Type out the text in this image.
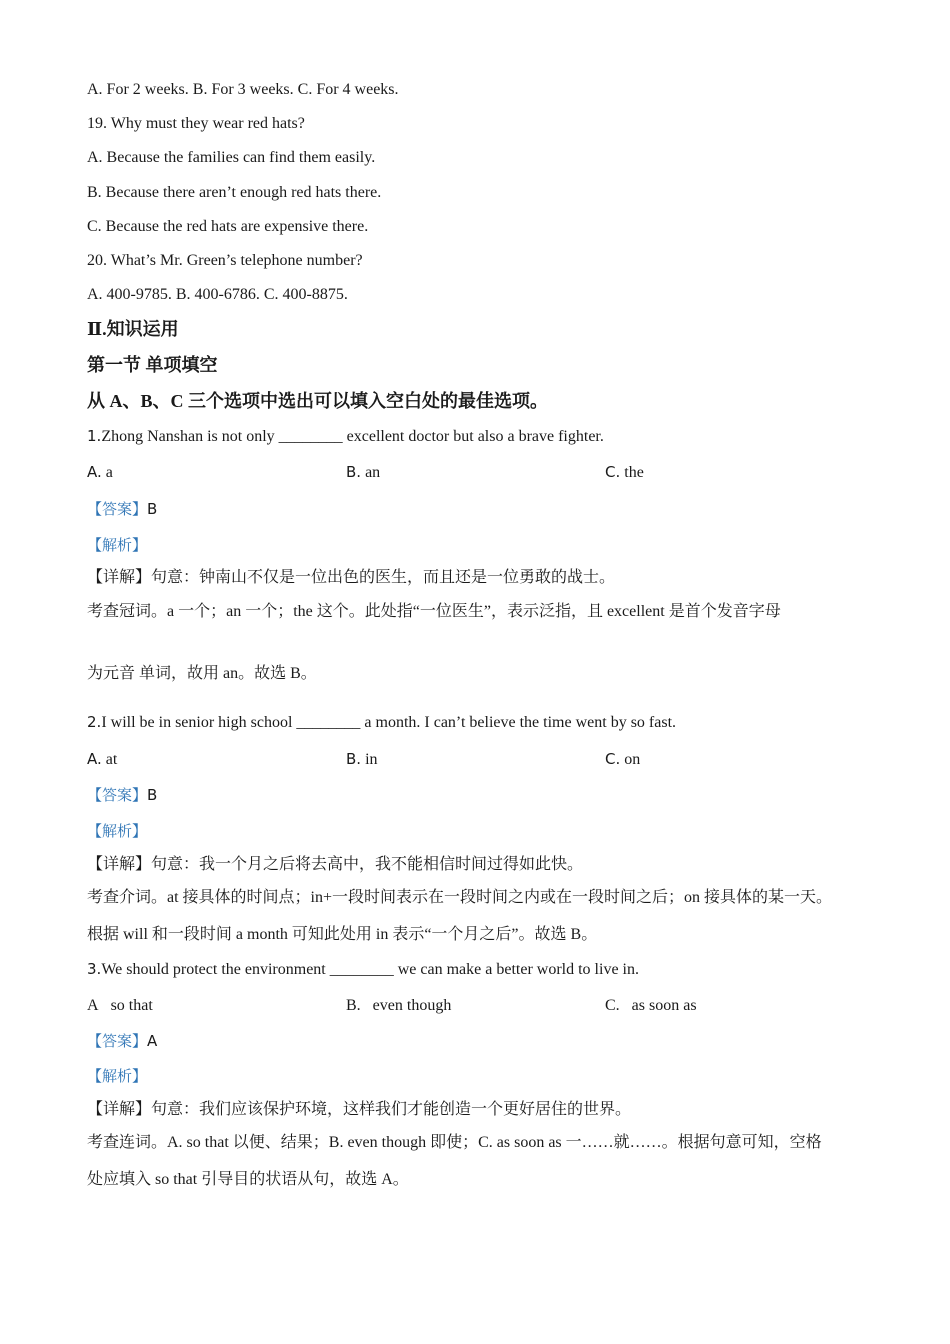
A. For 2 weeks. B. For 3 weeks. C. For 4 weeks.
19. Why must they wear red hats?
A. Because the families can find them easily.
B. Because there aren’t enough red hats there.
C. Because the red hats are expensive there.
20. What’s Mr. Green’s telephone number?
A. 400-9785. B. 400-6786. C. 400-8875.
Ⅱ.知识运用
第一节 单项填空
从 A、B、C 三个选项中选出可以填入空白处的最佳选项。
1.Zhong Nanshan is not only ________ excellent doctor but also a brave fighter.
A. a	B. an	C. the
【答案】B
【解析】
【详解】句意：钟南山不仅是一位出色的医生，而且还是一位勇敢的战士。
考查冠词。a 一个；an 一个；the 这个。此处指“一位医生”，表示泛指，且 excellent 是首个发音字母
为元音 单词，故用 an。故选 B。
2.I will be in senior high school ________ a month. I can’t believe the time went by so fast.
A. at	B. in	C. on
【答案】B
【解析】
【详解】句意：我一个月之后将去高中，我不能相信时间过得如此快。
考查介词。at 接具体的时间点；in+一段时间表示在一段时间之内或在一段时间之后；on 接具体的某一天。
根据 will 和一段时间 a month 可知此处用 in 表示“一个月之后”。故选 B。
3.We should protect the environment ________ we can make a better world to live in.
A so that	B. even though	C. as soon as
【答案】A
【解析】
【详解】句意：我们应该保护环境，这样我们才能创造一个更好居住的世界。
考查连词。A. so that 以便、结果；B. even though 即使；C. as soon as 一……就……。根据句意可知，空格
处应填入 so that 引导目的状语从句，故选 A。
